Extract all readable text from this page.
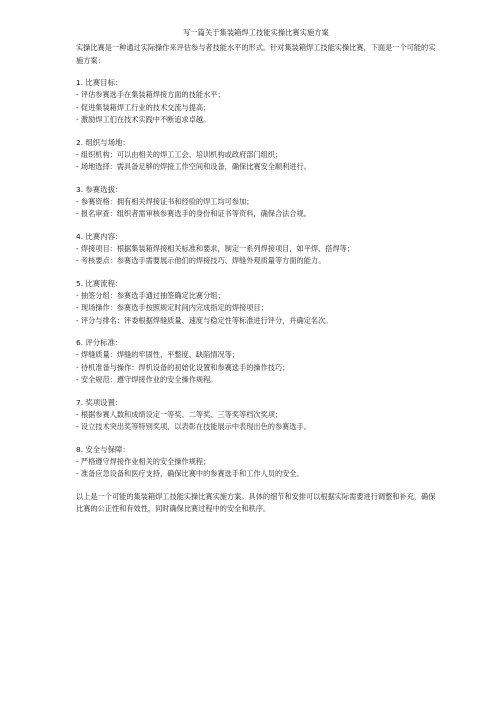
写一篇关于集装箱焊工技能实操比赛实施方案
实操比赛是一种通过实际操作来评估参与者技能水平的形式。针对集装箱焊工技能实操比赛，下面是一个可能的实施方案：
1. 比赛目标：
- 评估参赛选手在集装箱焊接方面的技能水平；
- 促进集装箱焊工行业的技术交流与提高；
- 激励焊工们在技术实践中不断追求卓越。
2. 组织与场地：
- 组织机构：可以由相关的焊工工会、培训机构或政府部门组织；
- 场地选择：需具备足够的焊接工作空间和设备，确保比赛安全顺利进行。
3. 参赛选拔：
- 参赛资格：拥有相关焊接证书和经验的焊工均可参加；
- 报名审查：组织者需审核参赛选手的身份和证书等资料，确保合法合规。
4. 比赛内容：
- 焊接项目：根据集装箱焊接相关标准和要求，制定一系列焊接项目，如平焊、搭焊等；
- 考核要点：参赛选手需要展示他们的焊接技巧、焊缝外观质量等方面的能力。
5. 比赛流程：
- 抽签分组：参赛选手通过抽签确定比赛分组；
- 现场操作：参赛选手按照规定时间内完成指定的焊接项目；
- 评分与排名：评委根据焊缝质量、速度与稳定性等标准进行评分，并确定名次。
6. 评分标准：
- 焊缝质量：焊缝的牢固性、平整度、缺陷情况等；
- 待机准备与操作：焊机设备的初始化设置和参赛选手的操作技巧；
- 安全规范：遵守焊接作业的安全操作规程。
7. 奖项设置：
- 根据参赛人数和成绩设定一等奖、二等奖、三等奖等档次奖项；
- 设立技术突出奖等特别奖项，以表彰在技能展示中表现出色的参赛选手。
8. 安全与保障：
- 严格遵守焊接作业相关的安全操作规程；
- 准备应急设备和医疗支持，确保比赛中的参赛选手和工作人员的安全。
以上是一个可能的集装箱焊工技能实操比赛实施方案。具体的细节和安排可以根据实际需要进行调整和补充，确保比赛的公正性和有效性，同时确保比赛过程中的安全和秩序。
